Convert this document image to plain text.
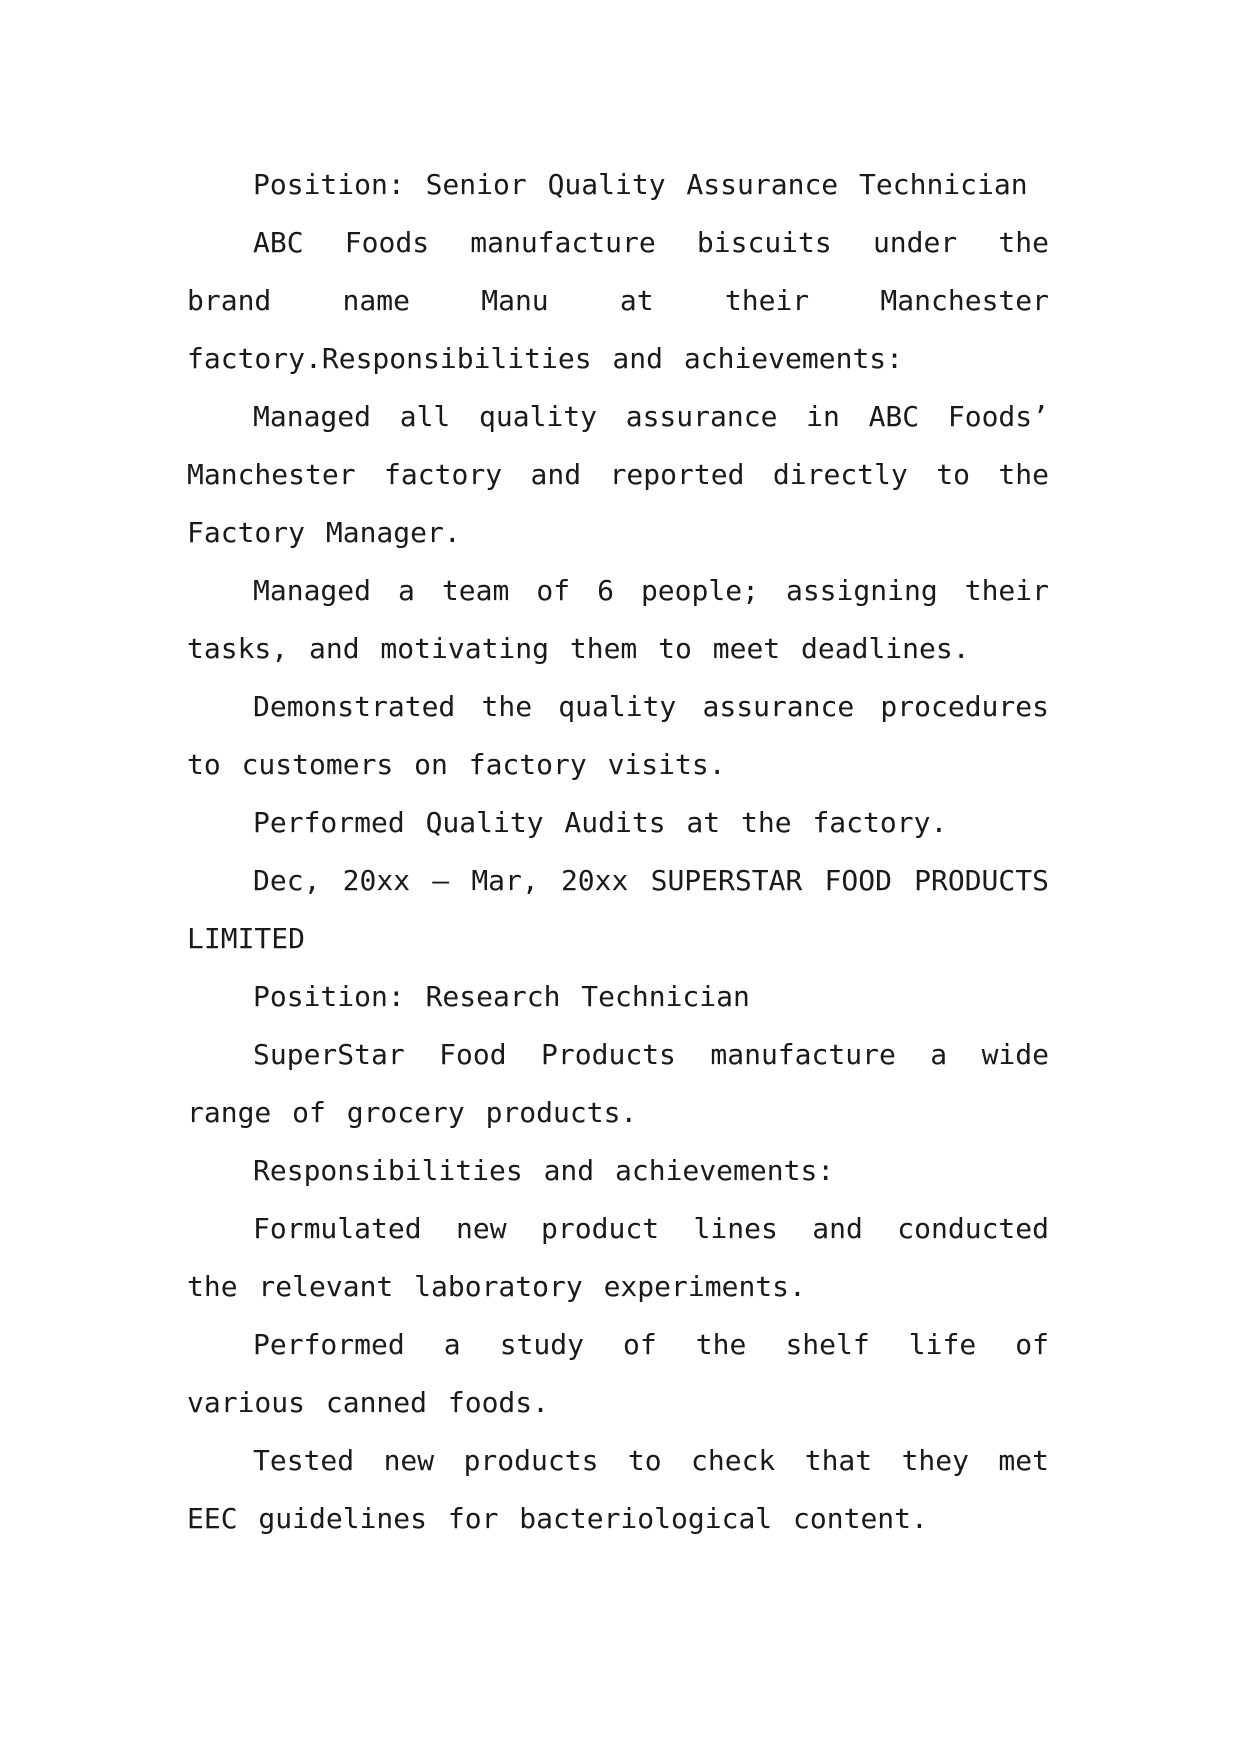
Position: Senior Quality Assurance Technician

ABC Foods manufacture biscuits under the brand name Manu at their Manchester factory.Responsibilities and achievements:

Managed all quality assurance in ABC Foods’ Manchester factory and reported directly to the Factory Manager.

Managed a team of 6 people; assigning their tasks, and motivating them to meet deadlines.

Demonstrated the quality assurance procedures to customers on factory visits.

Performed Quality Audits at the factory.

Dec, 20xx – Mar, 20xx SUPERSTAR FOOD PRODUCTS LIMITED

Position: Research Technician

SuperStar Food Products manufacture a wide range of grocery products.

Responsibilities and achievements:

Formulated new product lines and conducted the relevant laboratory experiments.

Performed a study of the shelf life of various canned foods.

Tested new products to check that they met EEC guidelines for bacteriological content.
